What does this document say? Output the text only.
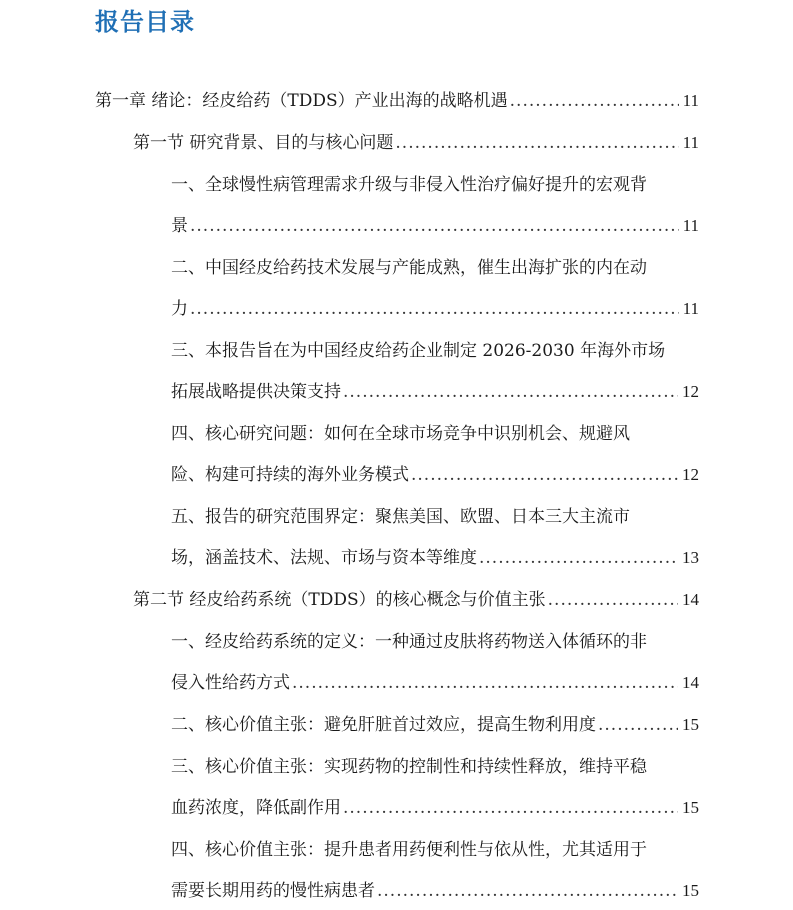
报告目录
第一章 绪论：经皮给药（TDDS）产业出海的战略机遇 .....	11
第一节 研究背景、目的与核心问题 .....	11
一、全球慢性病管理需求升级与非侵入性治疗偏好提升的宏观背
景 .....	11
二、中国经皮给药技术发展与产能成熟，催生出海扩张的内在动
力 .....	11
三、本报告旨在为中国经皮给药企业制定 2026-2030 年海外市场
拓展战略提供决策支持 .....	12
四、核心研究问题：如何在全球市场竞争中识别机会、规避风
险、构建可持续的海外业务模式 .....	12
五、报告的研究范围界定：聚焦美国、欧盟、日本三大主流市
场，涵盖技术、法规、市场与资本等维度 .....	13
第二节 经皮给药系统（TDDS）的核心概念与价值主张 .....	14
一、经皮给药系统的定义：一种通过皮肤将药物送入体循环的非
侵入性给药方式 .....	14
二、核心价值主张：避免肝脏首过效应，提高生物利用度 .....	15
三、核心价值主张：实现药物的控制性和持续性释放，维持平稳
血药浓度，降低副作用 .....	15
四、核心价值主张：提升患者用药便利性与依从性，尤其适用于
需要长期用药的慢性病患者 .....	15
